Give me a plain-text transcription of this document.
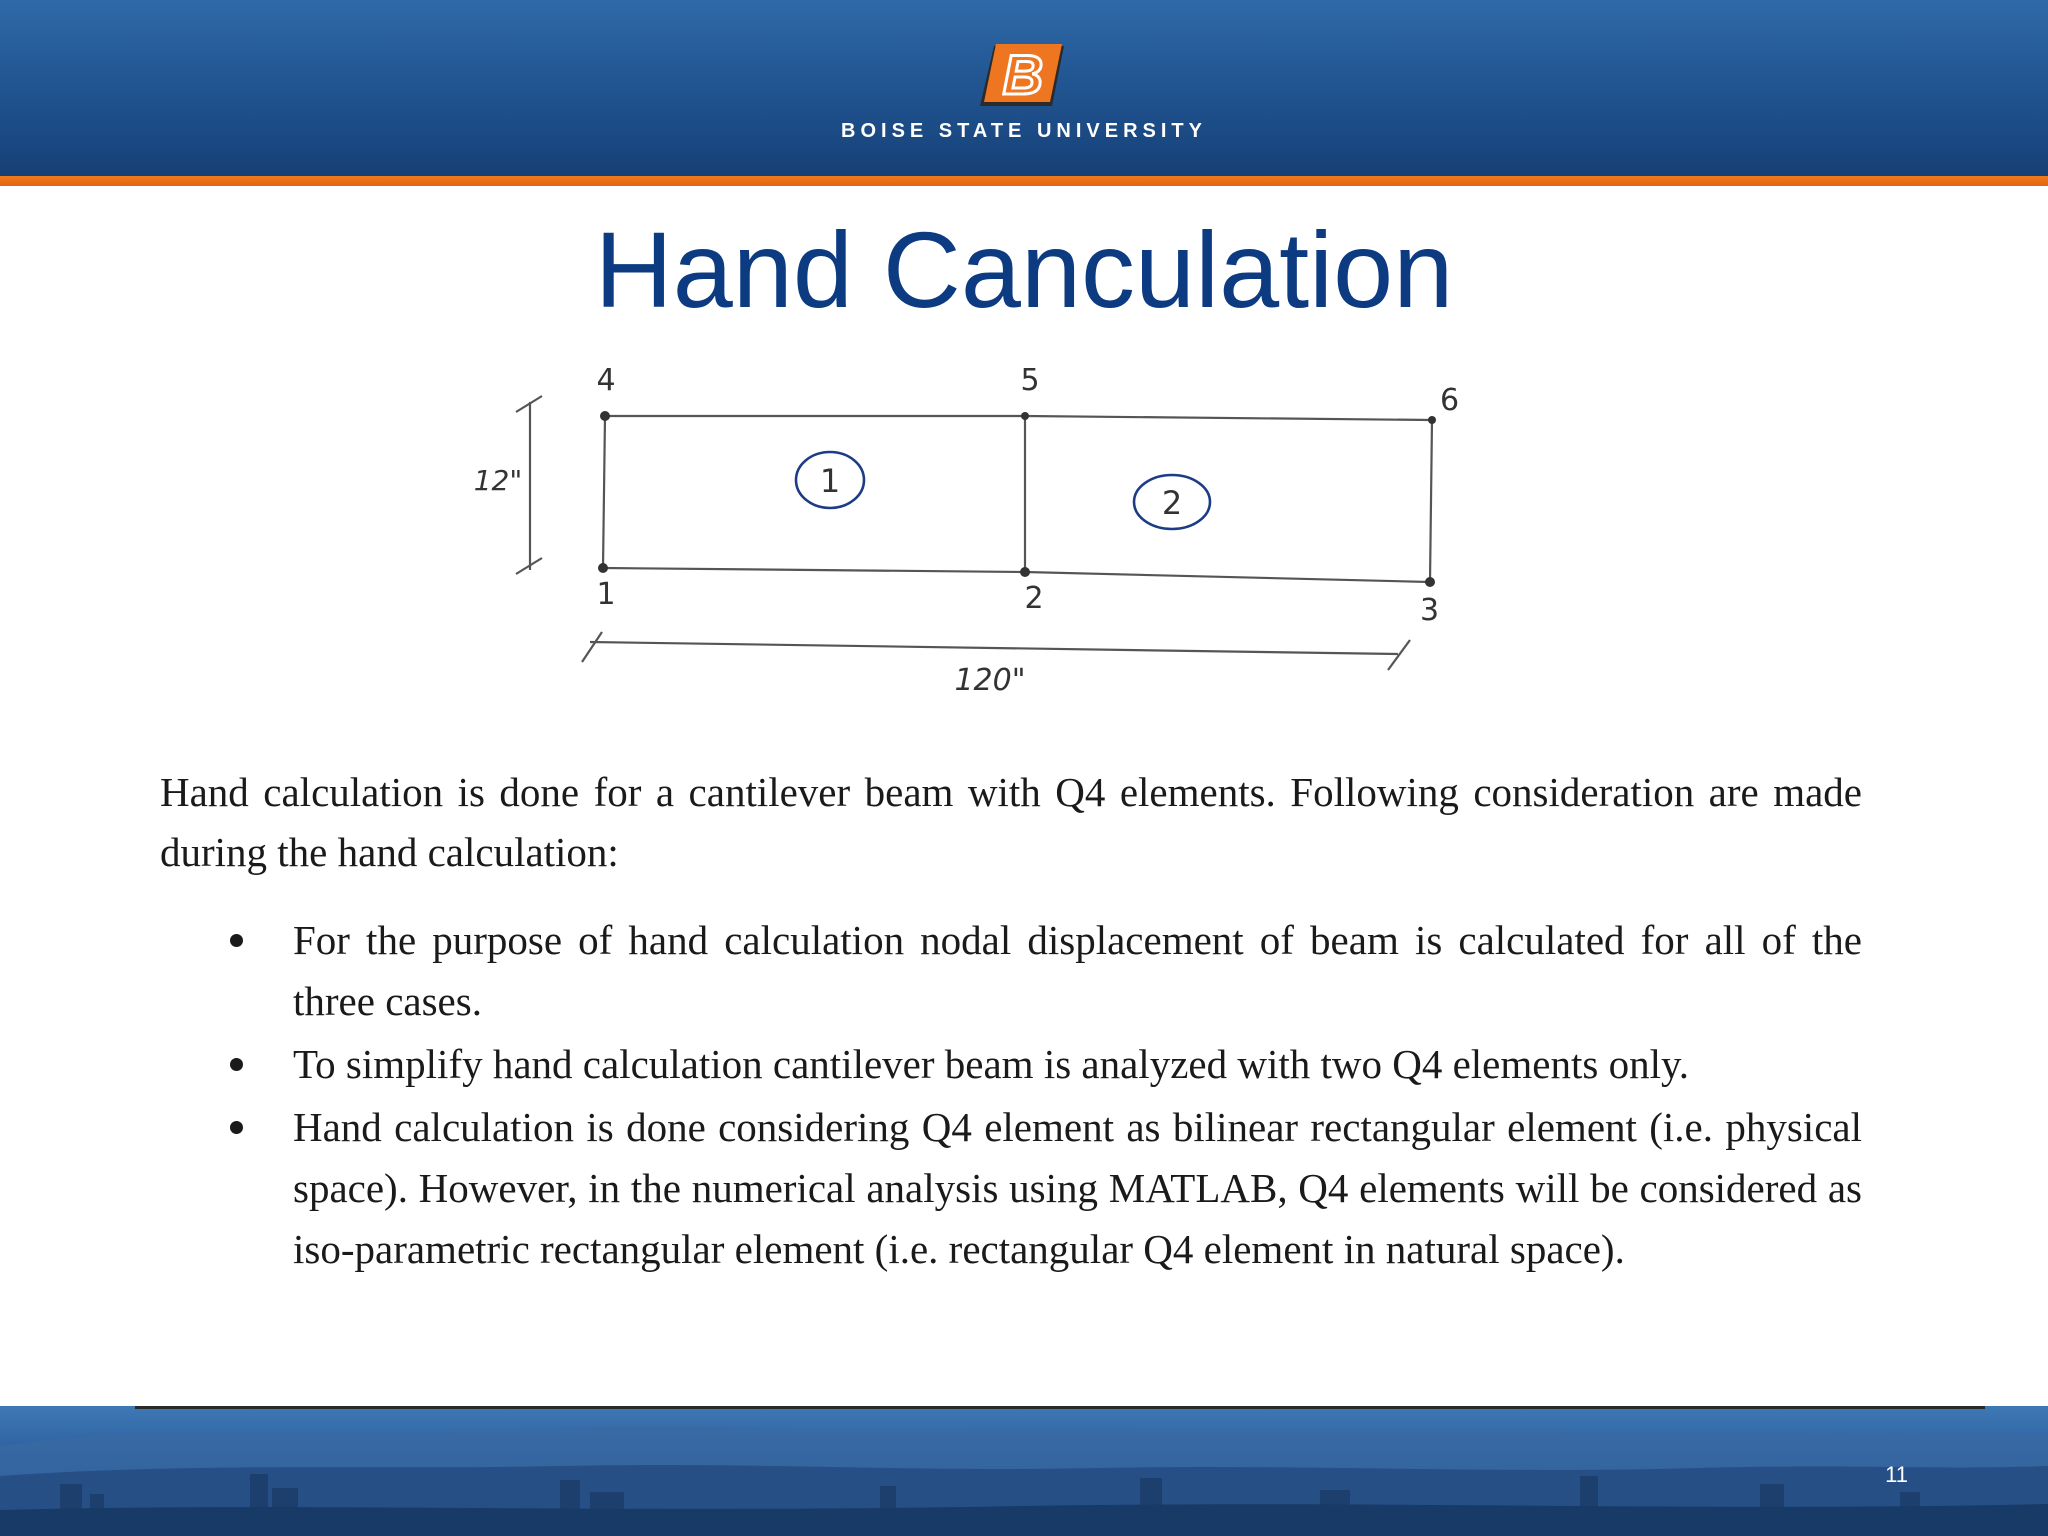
B
BOISE STATE UNIVERSITY
Hand Canculation
4	5
6
1	2	3
1
2
12"
120"

Hand calculation is done for a cantilever beam with Q4 elements. Following consideration are made during the hand calculation:

For the purpose of hand calculation nodal displacement of beam is calculated for all of the three cases.
To simplify hand calculation cantilever beam is analyzed with two Q4 elements only.
Hand calculation is done considering Q4 element as bilinear rectangular element (i.e. physical space). However, in the numerical analysis using MATLAB, Q4 elements will be considered as iso-parametric rectangular element (i.e. rectangular Q4 element in natural space).
11
